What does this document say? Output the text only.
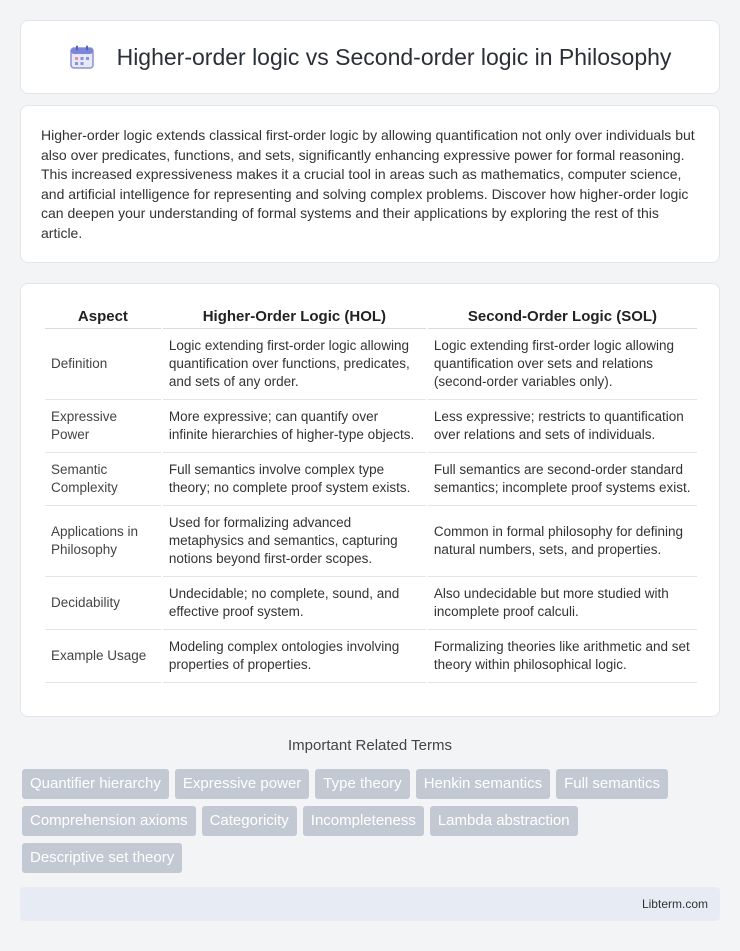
Higher-order logic vs Second-order logic in Philosophy

Higher-order logic extends classical first-order logic by allowing quantification not only over individuals but also over predicates, functions, and sets, significantly enhancing expressive power for formal reasoning. This increased expressiveness makes it a crucial tool in areas such as mathematics, computer science, and artificial intelligence for representing and solving complex problems. Discover how higher-order logic can deepen your understanding of formal systems and their applications by exploring the rest of this article.

Aspect	Higher-Order Logic (HOL)	Second-Order Logic (SOL)
Definition	Logic extending first-order logic allowing quantification over functions, predicates, and sets of any order.	Logic extending first-order logic allowing quantification over sets and relations (second-order variables only).
Expressive Power	More expressive; can quantify over infinite hierarchies of higher-type objects.	Less expressive; restricts to quantification over relations and sets of individuals.
Semantic Complexity	Full semantics involve complex type theory; no complete proof system exists.	Full semantics are second-order standard semantics; incomplete proof systems exist.
Applications in Philosophy	Used for formalizing advanced metaphysics and semantics, capturing notions beyond first-order scopes.	Common in formal philosophy for defining natural numbers, sets, and properties.
Decidability	Undecidable; no complete, sound, and effective proof system.	Also undecidable but more studied with incomplete proof calculi.
Example Usage	Modeling complex ontologies involving properties of properties.	Formalizing theories like arithmetic and set theory within philosophical logic.
Important Related Terms
Quantifier hierarchy	Expressive power	Type theory	Henkin semantics	Full semantics
Comprehension axioms	Categoricity	Incompleteness	Lambda abstraction
Descriptive set theory
Libterm.com
